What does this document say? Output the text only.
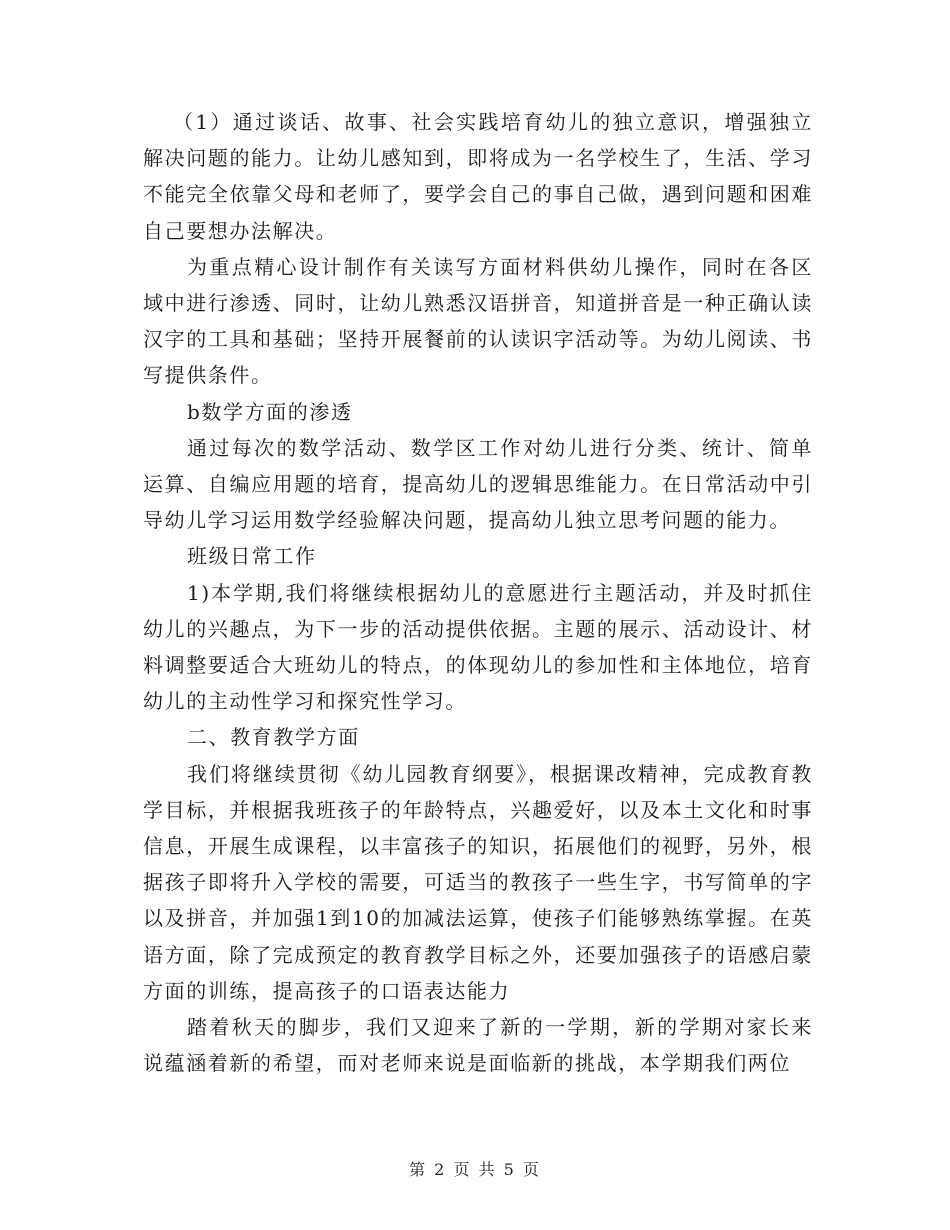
（1）通过谈话、故事、社会实践培育幼儿的独立意识，增强独立解决问题的能力。让幼儿感知到，即将成为一名学校生了，生活、学习不能完全依靠父母和老师了，要学会自己的事自己做，遇到问题和困难自己要想办法解决。

为重点精心设计制作有关读写方面材料供幼儿操作，同时在各区域中进行渗透、同时，让幼儿熟悉汉语拼音，知道拼音是一种正确认读汉字的工具和基础；坚持开展餐前的认读识字活动等。为幼儿阅读、书写提供条件。

b数学方面的渗透

通过每次的数学活动、数学区工作对幼儿进行分类、统计、简单运算、自编应用题的培育，提高幼儿的逻辑思维能力。在日常活动中引导幼儿学习运用数学经验解决问题，提高幼儿独立思考问题的能力。

班级日常工作

1)本学期,我们将继续根据幼儿的意愿进行主题活动，并及时抓住幼儿的兴趣点，为下一步的活动提供依据。主题的展示、活动设计、材料调整要适合大班幼儿的特点，的体现幼儿的参加性和主体地位，培育幼儿的主动性学习和探究性学习。

二、教育教学方面

我们将继续贯彻《幼儿园教育纲要》，根据课改精神，完成教育教学目标，并根据我班孩子的年龄特点，兴趣爱好，以及本土文化和时事信息，开展生成课程，以丰富孩子的知识，拓展他们的视野，另外，根据孩子即将升入学校的需要，可适当的教孩子一些生字，书写简单的字以及拼音，并加强1到10的加减法运算，使孩子们能够熟练掌握。在英语方面，除了完成预定的教育教学目标之外，还要加强孩子的语感启蒙方面的训练，提高孩子的口语表达能力

踏着秋天的脚步，我们又迎来了新的一学期，新的学期对家长来说蕴涵着新的希望，而对老师来说是面临新的挑战，本学期我们两位

第 2 页 共 5 页
